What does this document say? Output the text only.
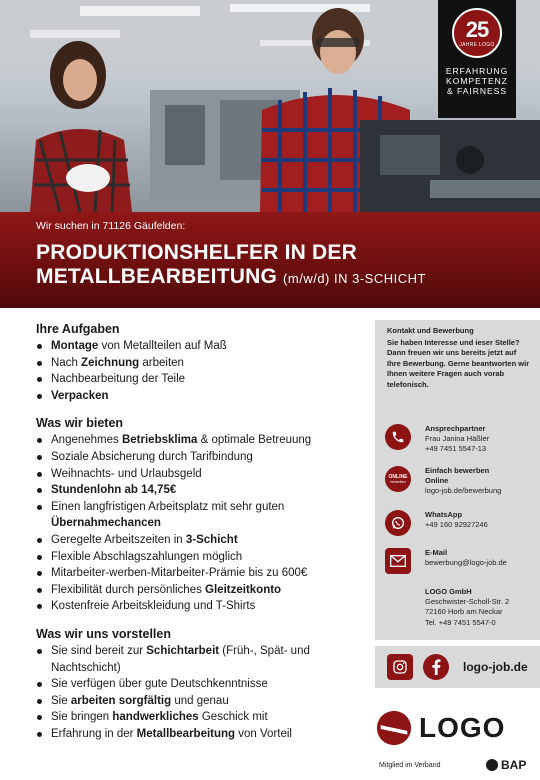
25
JAHRE LOGO
ERFAHRUNG
KOMPETENZ
& FAIRNESS
Wir suchen in 71126 Gäufelden:
PRODUKTIONSHELFER IN DER
METALLBEARBEITUNG (m/w/d) IN 3-SCHICHT
Ihre Aufgaben
Montage von Metallteilen auf Maß
Nach Zeichnung arbeiten
Nachbearbeitung der Teile
Verpacken
Was wir bieten
Angenehmes Betriebsklima & optimale Betreuung
Soziale Absicherung durch Tarifbindung
Weihnachts- und Urlaubsgeld
Stundenlohn ab 14,75€
Einen langfristigen Arbeitsplatz mit sehr guten Übernahmechancen
Geregelte Arbeitszeiten in 3-Schicht
Flexible Abschlagszahlungen möglich
Mitarbeiter-werben-Mitarbeiter-Prämie bis zu 600€
Flexibilität durch persönliches Gleitzeitkonto
Kostenfreie Arbeitskleidung und T-Shirts
Was wir uns vorstellen
Sie sind bereit zur Schichtarbeit (Früh-, Spät- und Nachtschicht)
Sie verfügen über gute Deutschkenntnisse
Sie arbeiten sorgfältig und genau
Sie bringen handwerkliches Geschick mit
Erfahrung in der Metallbearbeitung von Vorteil
Kontakt und Bewerbung
Sie haben Interesse und ieser Stelle? Dann freuen wir uns bereits jetzt auf Ihre Bewerbung. Gerne beantworten wir Ihnen weitere Fragen auch vorab telefonisch.
Ansprechpartner
Frau Janina Häßler
+49 7451 5547-13
ONLINE
bewerben
Einfach bewerben
Online
logo-job.de/bewerbung
WhatsApp
+49 160 92927246
E-Mail
bewerbung@logo-job.de
LOGO GmbH
Geschwister-Scholl-Str. 2
72160 Horb am Neckar
Tel. +49 7451 5547-0
logo-job.de
LOGO
Mitglied im Verband	BAP
